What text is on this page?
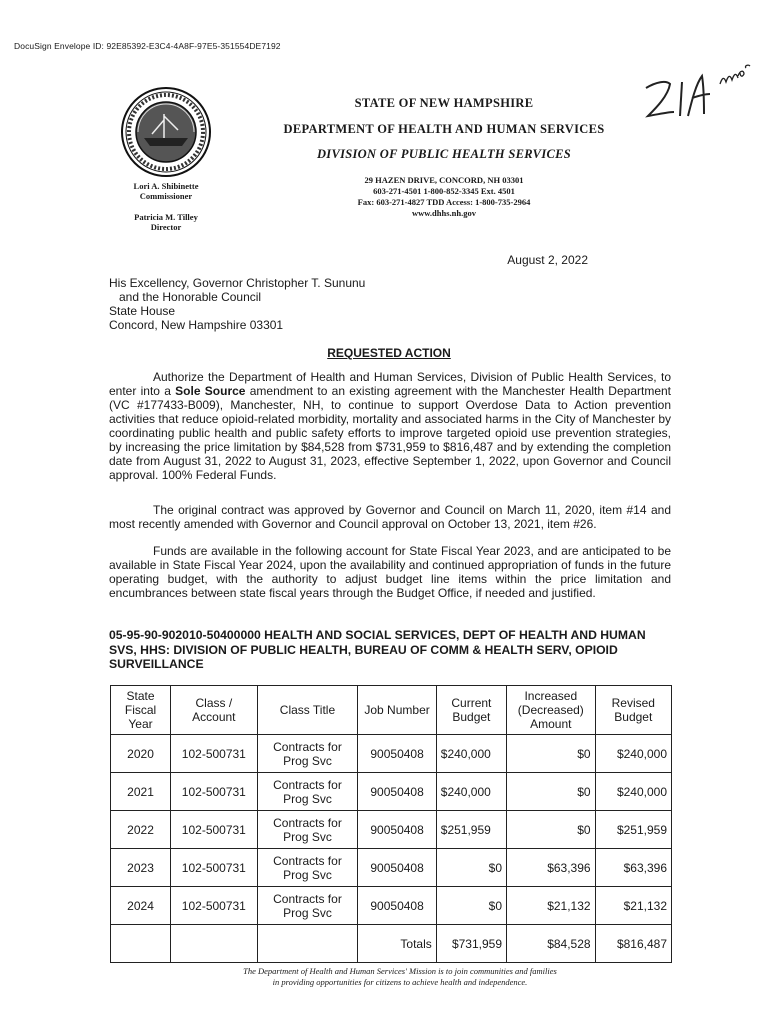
DocuSign Envelope ID: 92E85392-E3C4-4A8F-97E5-351554DE7192
STATE OF NEW HAMPSHIRE
DEPARTMENT OF HEALTH AND HUMAN SERVICES
DIVISION OF PUBLIC HEALTH SERVICES
29 HAZEN DRIVE, CONCORD, NH 03301
603-271-4501 1-800-852-3345 Ext. 4501
Fax: 603-271-4827 TDD Access: 1-800-735-2964
www.dhhs.nh.gov
Lori A. Shibinette
Commissioner
Patricia M. Tilley
Director
August 2, 2022
His Excellency, Governor Christopher T. Sununu
and the Honorable Council
State House
Concord, New Hampshire 03301
REQUESTED ACTION

Authorize the Department of Health and Human Services, Division of Public Health Services, to enter into a Sole Source amendment to an existing agreement with the Manchester Health Department (VC #177433-B009), Manchester, NH, to continue to support Overdose Data to Action prevention activities that reduce opioid-related morbidity, mortality and associated harms in the City of Manchester by coordinating public health and public safety efforts to improve targeted opioid use prevention strategies, by increasing the price limitation by $84,528 from $731,959 to $816,487 and by extending the completion date from August 31, 2022 to August 31, 2023, effective September 1, 2022, upon Governor and Council approval. 100% Federal Funds.

The original contract was approved by Governor and Council on March 11, 2020, item #14 and most recently amended with Governor and Council approval on October 13, 2021, item #26.

Funds are available in the following account for State Fiscal Year 2023, and are anticipated to be available in State Fiscal Year 2024, upon the availability and continued appropriation of funds in the future operating budget, with the authority to adjust budget line items within the price limitation and encumbrances between state fiscal years through the Budget Office, if needed and justified.

05-95-90-902010-50400000 HEALTH AND SOCIAL SERVICES, DEPT OF HEALTH AND HUMAN SVS, HHS: DIVISION OF PUBLIC HEALTH, BUREAU OF COMM & HEALTH SERV, OPIOID SURVEILLANCE
State Fiscal Year	Class / Account	Class Title	Job Number	Current Budget	Increased (Decreased) Amount	Revised Budget
2020	102-500731	Contracts for Prog Svc	90050408	$240,000	$0	$240,000
2021	102-500731	Contracts for Prog Svc	90050408	$240,000	$0	$240,000
2022	102-500731	Contracts for Prog Svc	90050408	$251,959	$0	$251,959
2023	102-500731	Contracts for Prog Svc	90050408	$0	$63,396	$63,396
2024	102-500731	Contracts for Prog Svc	90050408	$0	$21,132	$21,132
			Totals	$731,959	$84,528	$816,487
The Department of Health and Human Services' Mission is to join communities and families
in providing opportunities for citizens to achieve health and independence.
